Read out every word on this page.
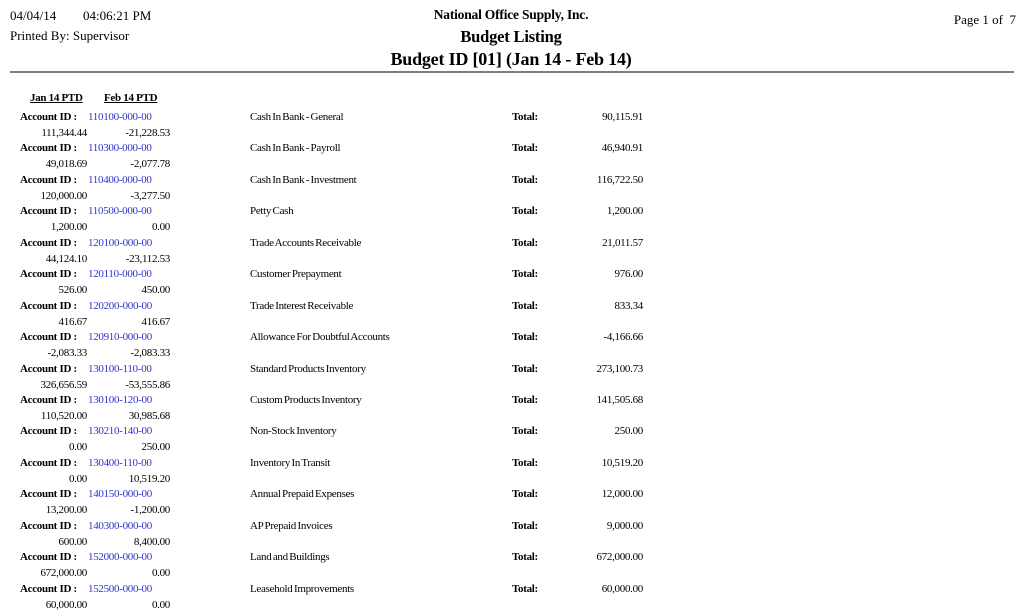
04/04/14 04:06:21 PM
Printed By: Supervisor
National Office Supply, Inc.
Budget Listing
Budget ID [01] (Jan 14 - Feb 14)
Page 1 of  7
Jan 14 PTD Feb 14 PTD
Account ID : 110100-000-00	Cash In Bank - General	Total:	90,115.91
111,344.44	-21,228.53
Account ID : 110300-000-00	Cash In Bank - Payroll	Total:	46,940.91
49,018.69	-2,077.78
Account ID : 110400-000-00	Cash In Bank - Investment	Total:	116,722.50
120,000.00	-3,277.50
Account ID : 110500-000-00	Petty Cash	Total:	1,200.00
1,200.00	0.00
Account ID : 120100-000-00	Trade Accounts Receivable	Total:	21,011.57
44,124.10	-23,112.53
Account ID : 120110-000-00	Customer Prepayment	Total:	976.00
526.00	450.00
Account ID : 120200-000-00	Trade Interest Receivable	Total:	833.34
416.67	416.67
Account ID : 120910-000-00	Allowance For Doubtful Accounts	Total:	-4,166.66
-2,083.33	-2,083.33
Account ID : 130100-110-00	Standard Products Inventory	Total:	273,100.73
326,656.59	-53,555.86
Account ID : 130100-120-00	Custom Products Inventory	Total:	141,505.68
110,520.00	30,985.68
Account ID : 130210-140-00	Non-Stock Inventory	Total:	250.00
0.00	250.00
Account ID : 130400-110-00	Inventory In Transit	Total:	10,519.20
0.00	10,519.20
Account ID : 140150-000-00	Annual Prepaid Expenses	Total:	12,000.00
13,200.00	-1,200.00
Account ID : 140300-000-00	AP Prepaid Invoices	Total:	9,000.00
600.00	8,400.00
Account ID : 152000-000-00	Land and Buildings	Total:	672,000.00
672,000.00	0.00
Account ID : 152500-000-00	Leasehold Improvements	Total:	60,000.00
60,000.00	0.00
